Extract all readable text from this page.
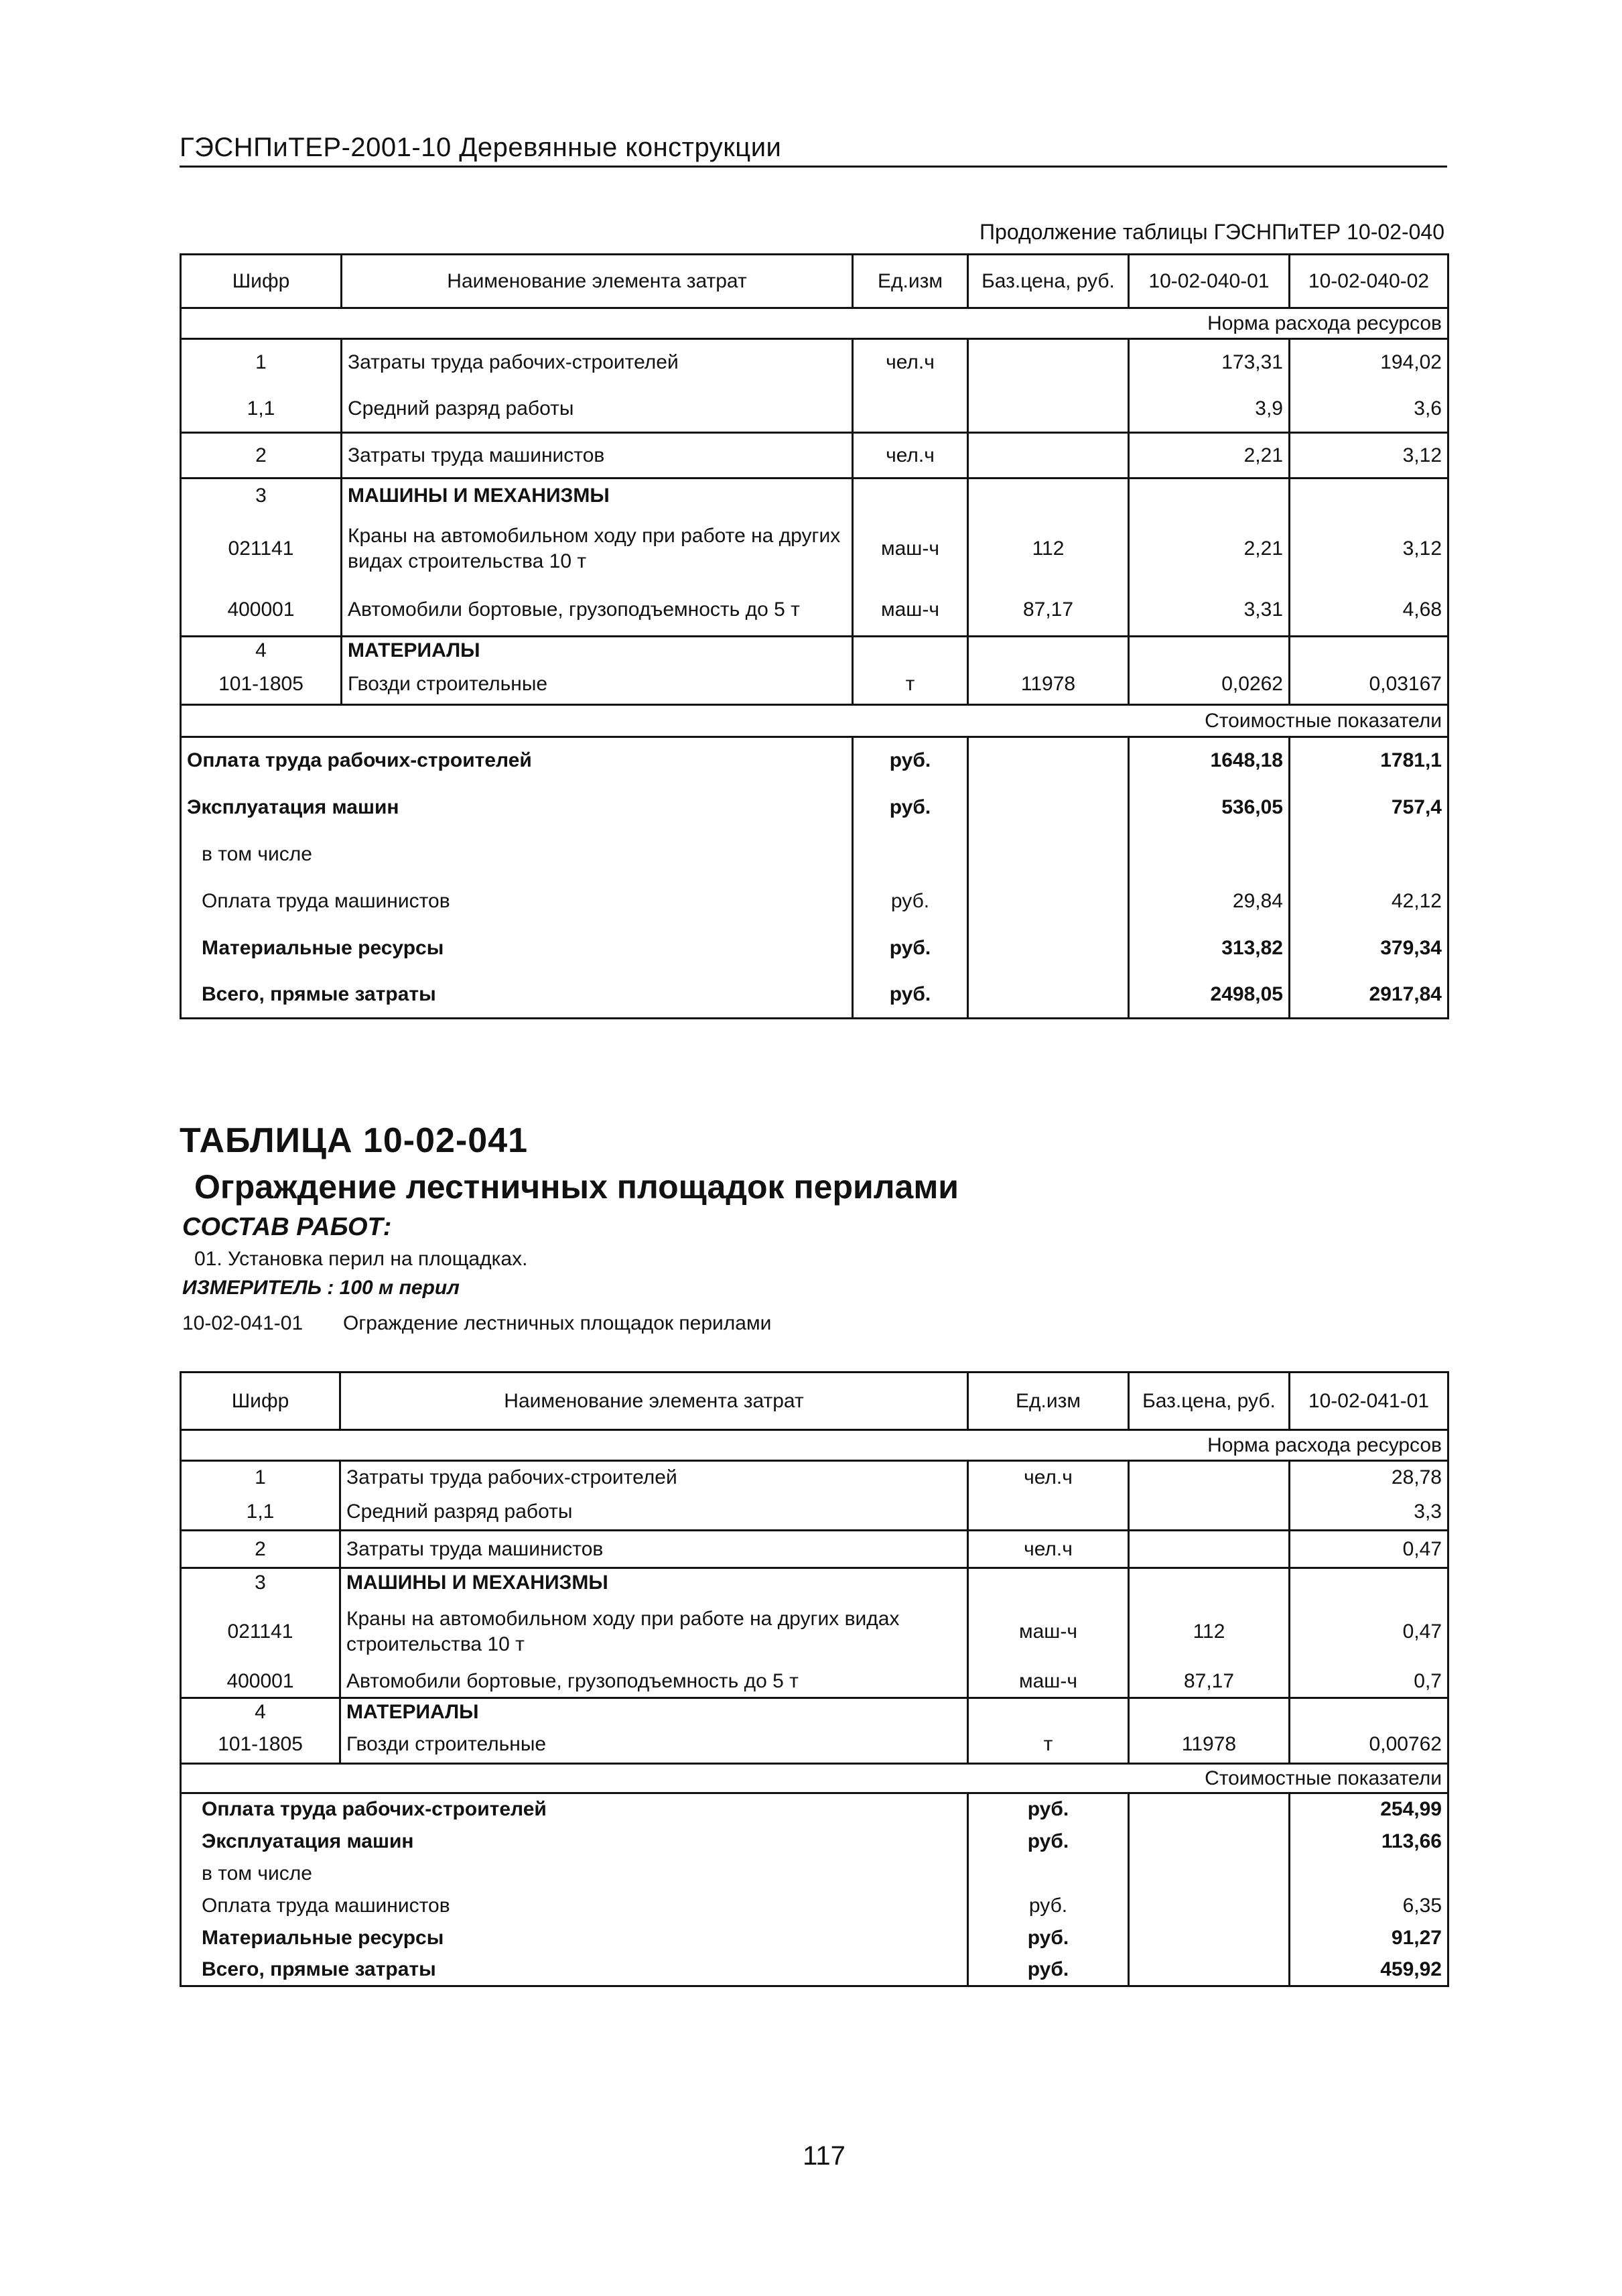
ГЭСНПиТЕР-2001-10 Деревянные конструкции
Продолжение таблицы ГЭСНПиТЕР 10-02-040
Шифр	Наименование элемента затрат	Ед.изм	Баз.цена, руб.	10-02-040-01	10-02-040-02
Норма расхода ресурсов					
1	Затраты труда рабочих-строителей	чел.ч		173,31	194,02
1,1	Средний разряд работы			3,9	3,6
2	Затраты труда машинистов	чел.ч		2,21	3,12
3	МАШИНЫ И МЕХАНИЗМЫ				
021141	Краны на автомобильном ходу при работе на других видах строительства 10 т	маш-ч	112	2,21	3,12
400001	Автомобили бортовые, грузоподъемность до 5 т	маш-ч	87,17	3,31	4,68
4	МАТЕРИАЛЫ				
101-1805	Гвозди строительные	т	11978	0,0262	0,03167
Стоимостные показатели					
Оплата труда рабочих-строителей		руб.		1648,18	1781,1
Эксплуатация машин		руб.		536,05	757,4
в том числе					
Оплата труда машинистов		руб.		29,84	42,12
Материальные ресурсы		руб.		313,82	379,34
Всего, прямые затраты		руб.		2498,05	2917,84
ТАБЛИЦА 10-02-041
Ограждение лестничных площадок перилами
СОСТАВ РАБОТ:
01. Установка перил на площадках.
ИЗМЕРИТЕЛЬ : 100 м перил
10-02-041-01 Ограждение лестничных площадок перилами
Шифр	Наименование элемента затрат	Ед.изм	Баз.цена, руб.	10-02-041-01
Норма расхода ресурсов				
1	Затраты труда рабочих-строителей	чел.ч		28,78
1,1	Средний разряд работы			3,3
2	Затраты труда машинистов	чел.ч		0,47
3	МАШИНЫ И МЕХАНИЗМЫ			
021141	Краны на автомобильном ходу при работе на других видах строительства 10 т	маш-ч	112	0,47
400001	Автомобили бортовые, грузоподъемность до 5 т	маш-ч	87,17	0,7
4	МАТЕРИАЛЫ			
101-1805	Гвозди строительные	т	11978	0,00762
Стоимостные показатели				
Оплата труда рабочих-строителей		руб.		254,99
Эксплуатация машин		руб.		113,66
в том числе				
Оплата труда машинистов		руб.		6,35
Материальные ресурсы		руб.		91,27
Всего, прямые затраты		руб.		459,92
117
